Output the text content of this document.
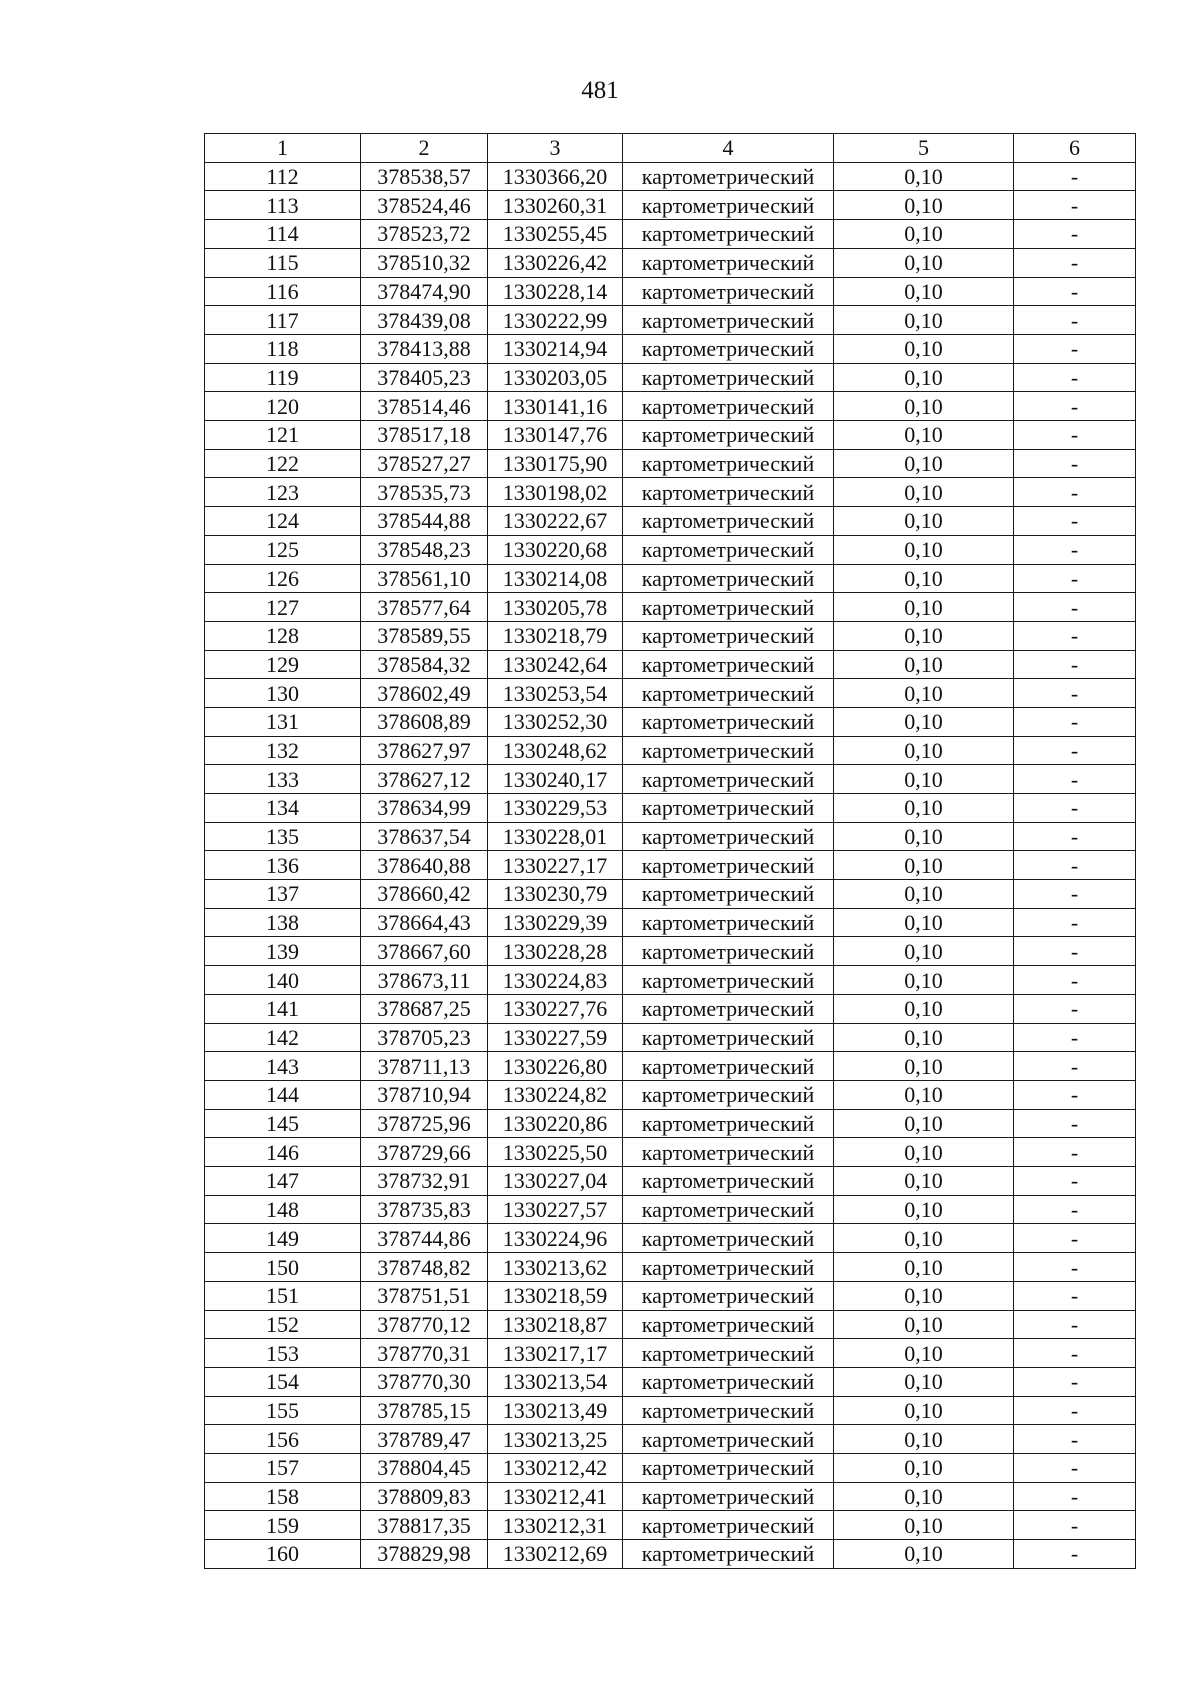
481
1	2	3	4	5	6
112	378538,57	1330366,20	картометрический	0,10	-
113	378524,46	1330260,31	картометрический	0,10	-
114	378523,72	1330255,45	картометрический	0,10	-
115	378510,32	1330226,42	картометрический	0,10	-
116	378474,90	1330228,14	картометрический	0,10	-
117	378439,08	1330222,99	картометрический	0,10	-
118	378413,88	1330214,94	картометрический	0,10	-
119	378405,23	1330203,05	картометрический	0,10	-
120	378514,46	1330141,16	картометрический	0,10	-
121	378517,18	1330147,76	картометрический	0,10	-
122	378527,27	1330175,90	картометрический	0,10	-
123	378535,73	1330198,02	картометрический	0,10	-
124	378544,88	1330222,67	картометрический	0,10	-
125	378548,23	1330220,68	картометрический	0,10	-
126	378561,10	1330214,08	картометрический	0,10	-
127	378577,64	1330205,78	картометрический	0,10	-
128	378589,55	1330218,79	картометрический	0,10	-
129	378584,32	1330242,64	картометрический	0,10	-
130	378602,49	1330253,54	картометрический	0,10	-
131	378608,89	1330252,30	картометрический	0,10	-
132	378627,97	1330248,62	картометрический	0,10	-
133	378627,12	1330240,17	картометрический	0,10	-
134	378634,99	1330229,53	картометрический	0,10	-
135	378637,54	1330228,01	картометрический	0,10	-
136	378640,88	1330227,17	картометрический	0,10	-
137	378660,42	1330230,79	картометрический	0,10	-
138	378664,43	1330229,39	картометрический	0,10	-
139	378667,60	1330228,28	картометрический	0,10	-
140	378673,11	1330224,83	картометрический	0,10	-
141	378687,25	1330227,76	картометрический	0,10	-
142	378705,23	1330227,59	картометрический	0,10	-
143	378711,13	1330226,80	картометрический	0,10	-
144	378710,94	1330224,82	картометрический	0,10	-
145	378725,96	1330220,86	картометрический	0,10	-
146	378729,66	1330225,50	картометрический	0,10	-
147	378732,91	1330227,04	картометрический	0,10	-
148	378735,83	1330227,57	картометрический	0,10	-
149	378744,86	1330224,96	картометрический	0,10	-
150	378748,82	1330213,62	картометрический	0,10	-
151	378751,51	1330218,59	картометрический	0,10	-
152	378770,12	1330218,87	картометрический	0,10	-
153	378770,31	1330217,17	картометрический	0,10	-
154	378770,30	1330213,54	картометрический	0,10	-
155	378785,15	1330213,49	картометрический	0,10	-
156	378789,47	1330213,25	картометрический	0,10	-
157	378804,45	1330212,42	картометрический	0,10	-
158	378809,83	1330212,41	картометрический	0,10	-
159	378817,35	1330212,31	картометрический	0,10	-
160	378829,98	1330212,69	картометрический	0,10	-
